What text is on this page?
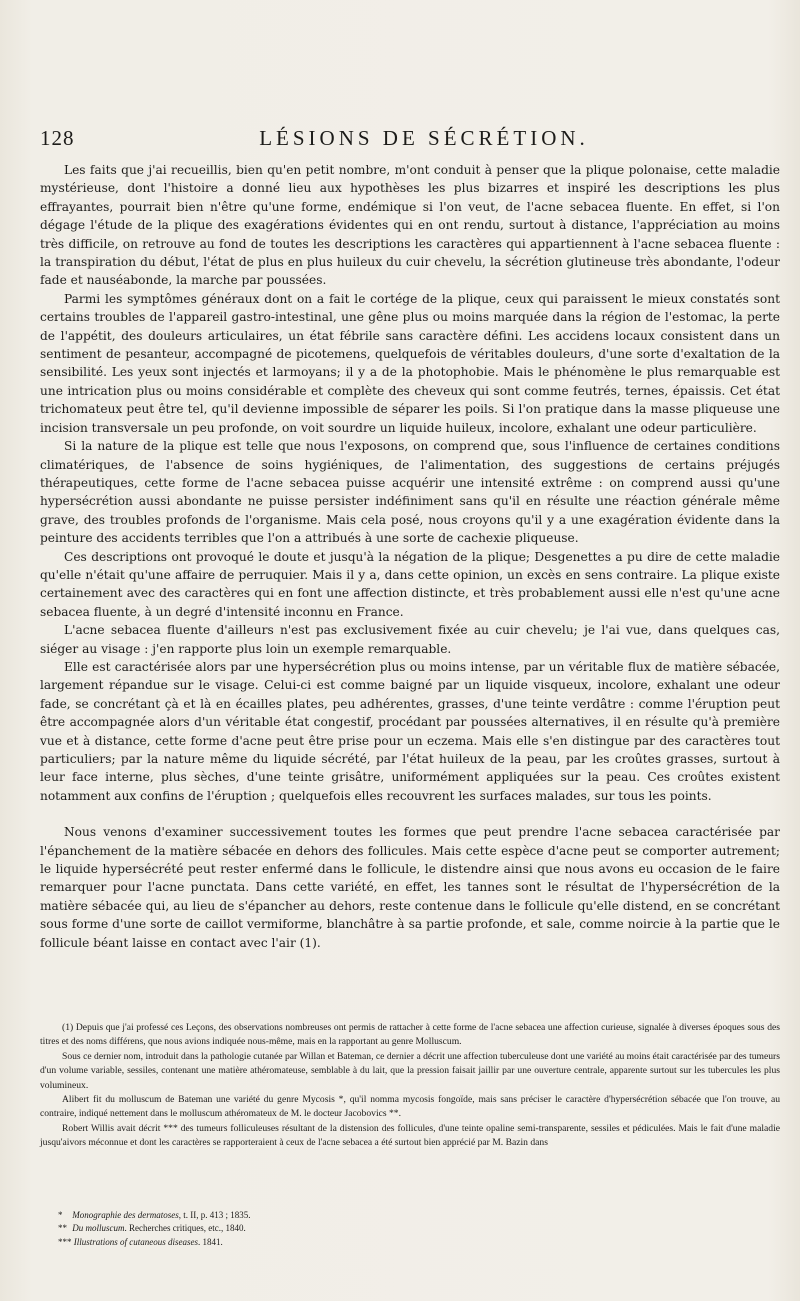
128	LÉSIONS DE SÉCRÉTION.

Les faits que j'ai recueillis, bien qu'en petit nombre, m'ont conduit à penser que la plique polonaise, cette maladie mystérieuse, dont l'histoire a donné lieu aux hypothèses les plus bizarres et inspiré les descriptions les plus effrayantes, pourrait bien n'être qu'une forme, endémique si l'on veut, de l'acne sebacea fluente. En effet, si l'on dégage l'étude de la plique des exagérations évidentes qui en ont rendu, surtout à distance, l'appréciation au moins très difficile, on retrouve au fond de toutes les descriptions les caractères qui appartiennent à l'acne sebacea fluente : la transpiration du début, l'état de plus en plus huileux du cuir chevelu, la sécrétion glutineuse très abondante, l'odeur fade et nauséabonde, la marche par poussées.

Parmi les symptômes généraux dont on a fait le cortége de la plique, ceux qui paraissent le mieux constatés sont certains troubles de l'appareil gastro-intestinal, une gêne plus ou moins marquée dans la région de l'estomac, la perte de l'appétit, des douleurs articulaires, un état fébrile sans caractère défini. Les accidens locaux consistent dans un sentiment de pesanteur, accompagné de picotemens, quelquefois de véritables douleurs, d'une sorte d'exaltation de la sensibilité. Les yeux sont injectés et larmoyans; il y a de la photophobie. Mais le phénomène le plus remarquable est une intrication plus ou moins considérable et complète des cheveux qui sont comme feutrés, ternes, épaissis. Cet état trichomateux peut être tel, qu'il devienne impossible de séparer les poils. Si l'on pratique dans la masse pliqueuse une incision transversale un peu profonde, on voit sourdre un liquide huileux, incolore, exhalant une odeur particulière.

Si la nature de la plique est telle que nous l'exposons, on comprend que, sous l'influence de certaines conditions climatériques, de l'absence de soins hygiéniques, de l'alimentation, des suggestions de certains préjugés thérapeutiques, cette forme de l'acne sebacea puisse acquérir une intensité extrême : on comprend aussi qu'une hypersécrétion aussi abondante ne puisse persister indéfiniment sans qu'il en résulte une réaction générale même grave, des troubles profonds de l'organisme. Mais cela posé, nous croyons qu'il y a une exagération évidente dans la peinture des accidents terribles que l'on a attribués à une sorte de cachexie pliqueuse.

Ces descriptions ont provoqué le doute et jusqu'à la négation de la plique; Desgenettes a pu dire de cette maladie qu'elle n'était qu'une affaire de perruquier. Mais il y a, dans cette opinion, un excès en sens contraire. La plique existe certainement avec des caractères qui en font une affection distincte, et très probablement aussi elle n'est qu'une acne sebacea fluente, à un degré d'intensité inconnu en France.

L'acne sebacea fluente d'ailleurs n'est pas exclusivement fixée au cuir chevelu; je l'ai vue, dans quelques cas, siéger au visage : j'en rapporte plus loin un exemple remarquable.

Elle est caractérisée alors par une hypersécrétion plus ou moins intense, par un véritable flux de matière sébacée, largement répandue sur le visage. Celui-ci est comme baigné par un liquide visqueux, incolore, exhalant une odeur fade, se concrétant çà et là en écailles plates, peu adhérentes, grasses, d'une teinte verdâtre : comme l'éruption peut être accompagnée alors d'un véritable état congestif, procédant par poussées alternatives, il en résulte qu'à première vue et à distance, cette forme d'acne peut être prise pour un eczema. Mais elle s'en distingue par des caractères tout particuliers; par la nature même du liquide sécrété, par l'état huileux de la peau, par les croûtes grasses, surtout à leur face interne, plus sèches, d'une teinte grisâtre, uniformément appliquées sur la peau. Ces croûtes existent notamment aux confins de l'éruption ; quelquefois elles recouvrent les surfaces malades, sur tous les points.

Nous venons d'examiner successivement toutes les formes que peut prendre l'acne sebacea caractérisée par l'épanchement de la matière sébacée en dehors des follicules. Mais cette espèce d'acne peut se comporter autrement; le liquide hypersécrété peut rester enfermé dans le follicule, le distendre ainsi que nous avons eu occasion de le faire remarquer pour l'acne punctata. Dans cette variété, en effet, les tannes sont le résultat de l'hypersécrétion de la matière sébacée qui, au lieu de s'épancher au dehors, reste contenue dans le follicule qu'elle distend, en se concrétant sous forme d'une sorte de caillot vermiforme, blanchâtre à sa partie profonde, et sale, comme noircie à la partie que le follicule béant laisse en contact avec l'air (1).

(1) Depuis que j'ai professé ces Leçons, des observations nombreuses ont permis de rattacher à cette forme de l'acne sebacea une affection curieuse, signalée à diverses époques sous des titres et des noms différens, que nous avions indiquée nous-même, mais en la rapportant au genre Molluscum.

Sous ce dernier nom, introduit dans la pathologie cutanée par Willan et Bateman, ce dernier a décrit une affection tuberculeuse dont une variété au moins était caractérisée par des tumeurs d'un volume variable, sessiles, contenant une matière athéromateuse, semblable à du lait, que la pression faisait jaillir par une ouverture centrale, apparente surtout sur les tubercules les plus volumineux.

Alibert fit du molluscum de Bateman une variété du genre Mycosis *, qu'il nomma mycosis fongoïde, mais sans préciser le caractère d'hypersécrétion sébacée que l'on trouve, au contraire, indiqué nettement dans le molluscum athéromateux de M. le docteur Jacobovics **.

Robert Willis avait décrit *** des tumeurs folliculeuses résultant de la distension des follicules, d'une teinte opaline semi-transparente, sessiles et pédiculées. Mais le fait d'une maladie jusqu'aivors méconnue et dont les caractères se rapporteraient à ceux de l'acne sebacea a été surtout bien apprécié par M. Bazin dans

* Monographie des dermatoses, t. II, p. 413 ; 1835.
** Du molluscum. Recherches critiques, etc., 1840.
*** Illustrations of cutaneous diseases. 1841.
